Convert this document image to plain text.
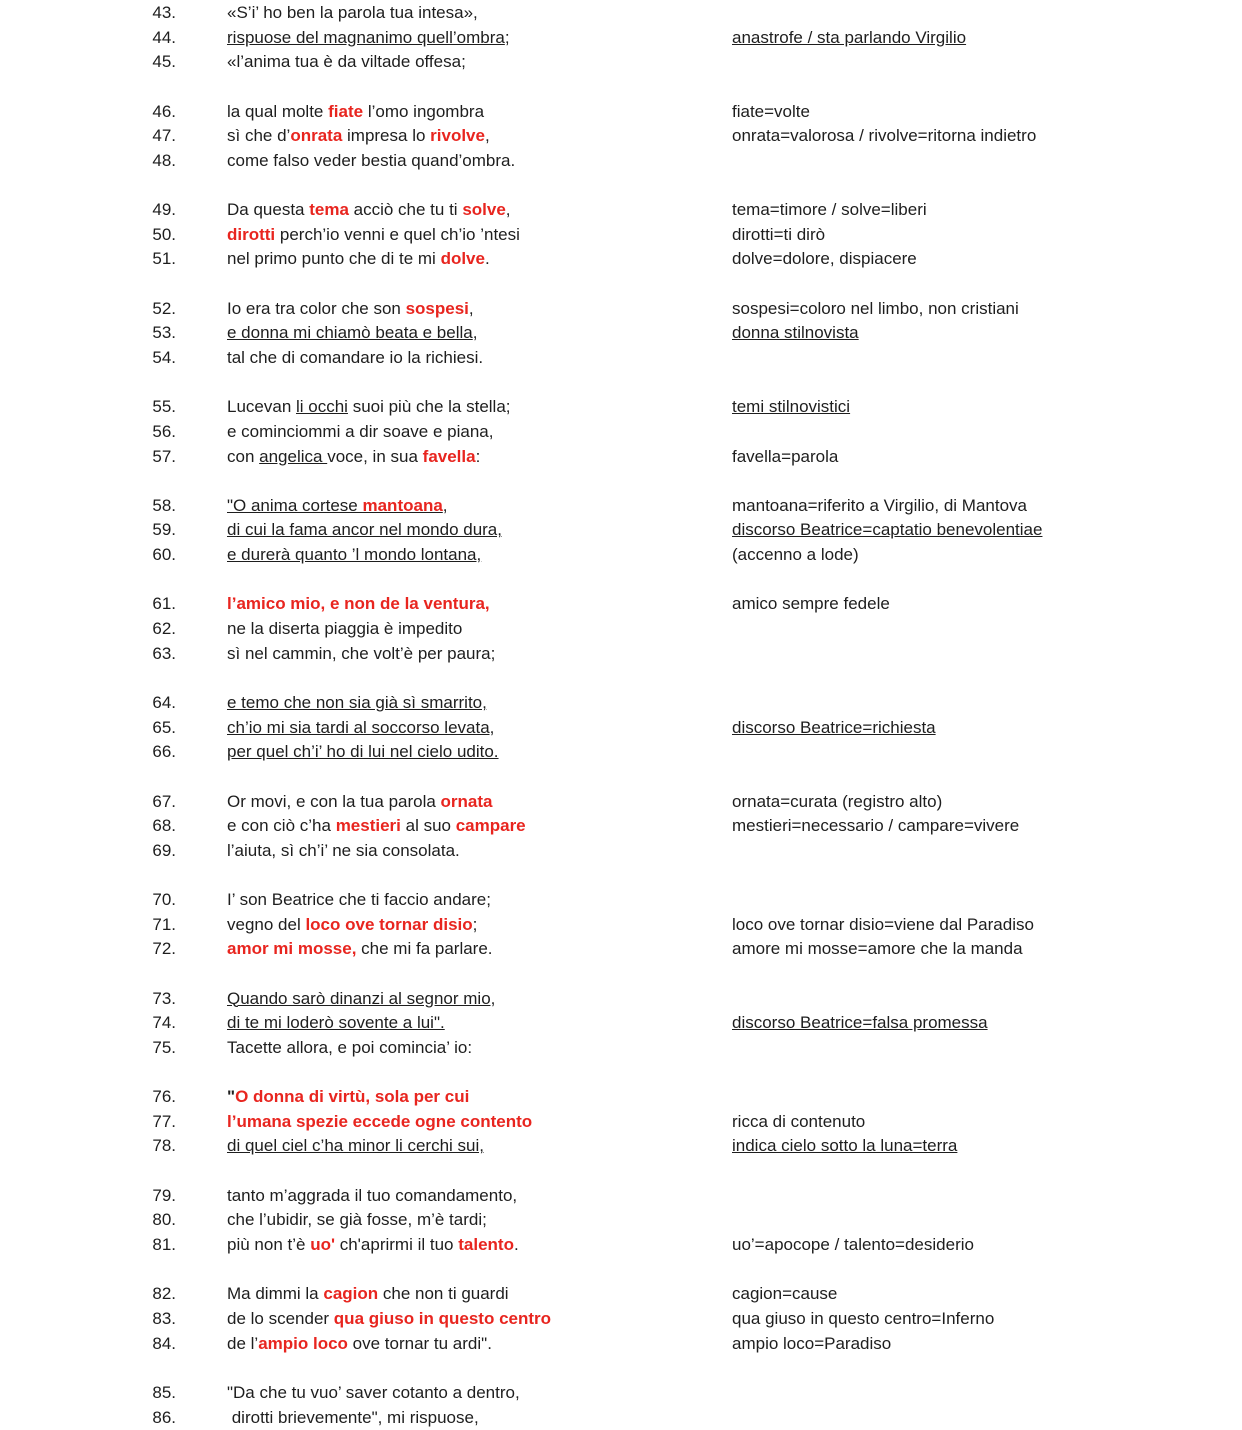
43.	«S’i’ ho ben la parola tua intesa»,
44.	rispuose del magnanimo quell’ombra;	anastrofe / sta parlando Virgilio
45.	«l’anima tua è da viltade offesa;
46.	la qual molte fiate l’omo ingombra	fiate=volte
47.	sì che d’onrata impresa lo rivolve,	onrata=valorosa / rivolve=ritorna indietro
48.	come falso veder bestia quand’ombra.
49.	Da questa tema acciò che tu ti solve,	tema=timore / solve=liberi
50.	dirotti perch’io venni e quel ch’io ’ntesi	dirotti=ti dirò
51.	nel primo punto che di te mi dolve.	dolve=dolore, dispiacere
52.	Io era tra color che son sospesi,	sospesi=coloro nel limbo, non cristiani
53.	e donna mi chiamò beata e bella,	donna stilnovista
54.	tal che di comandare io la richiesi.
55.	Lucevan li occhi suoi più che la stella;	temi stilnovistici
56.	e cominciommi a dir soave e piana,
57.	con angelica voce, in sua favella:	favella=parola
58.	"O anima cortese mantoana,	mantoana=riferito a Virgilio, di Mantova
59.	di cui la fama ancor nel mondo dura,	discorso Beatrice=captatio benevolentiae
60.	e durerà quanto ’l mondo lontana,	(accenno a lode)
61.	l’amico mio, e non de la ventura,	amico sempre fedele
62.	ne la diserta piaggia è impedito
63.	sì nel cammin, che volt’è per paura;
64.	e temo che non sia già sì smarrito,
65.	ch’io mi sia tardi al soccorso levata,	discorso Beatrice=richiesta
66.	per quel ch’i’ ho di lui nel cielo udito.
67.	Or movi, e con la tua parola ornata	ornata=curata (registro alto)
68.	e con ciò c’ha mestieri al suo campare	mestieri=necessario / campare=vivere
69.	l’aiuta, sì ch’i’ ne sia consolata.
70.	I’ son Beatrice che ti faccio andare;
71.	vegno del loco ove tornar disio;	loco ove tornar disio=viene dal Paradiso
72.	amor mi mosse, che mi fa parlare.	amore mi mosse=amore che la manda
73.	Quando sarò dinanzi al segnor mio,
74.	di te mi loderò sovente a lui".	discorso Beatrice=falsa promessa
75.	Tacette allora, e poi comincia’ io:
76.	"O donna di virtù, sola per cui
77.	l’umana spezie eccede ogne contento	ricca di contenuto
78.	di quel ciel c’ha minor li cerchi sui,	indica cielo sotto la luna=terra
79.	tanto m’aggrada il tuo comandamento,
80.	che l’ubidir, se già fosse, m’è tardi;
81.	più non t’è uo' ch'aprirmi il tuo talento.	uo’=apocope / talento=desiderio
82.	Ma dimmi la cagion che non ti guardi	cagion=cause
83.	de lo scender qua giuso in questo centro	qua giuso in questo centro=Inferno
84.	de l’ampio loco ove tornar tu ardi".	ampio loco=Paradiso
85.	"Da che tu vuo’ saver cotanto a dentro,
86.	dirotti brievemente", mi rispuose,
